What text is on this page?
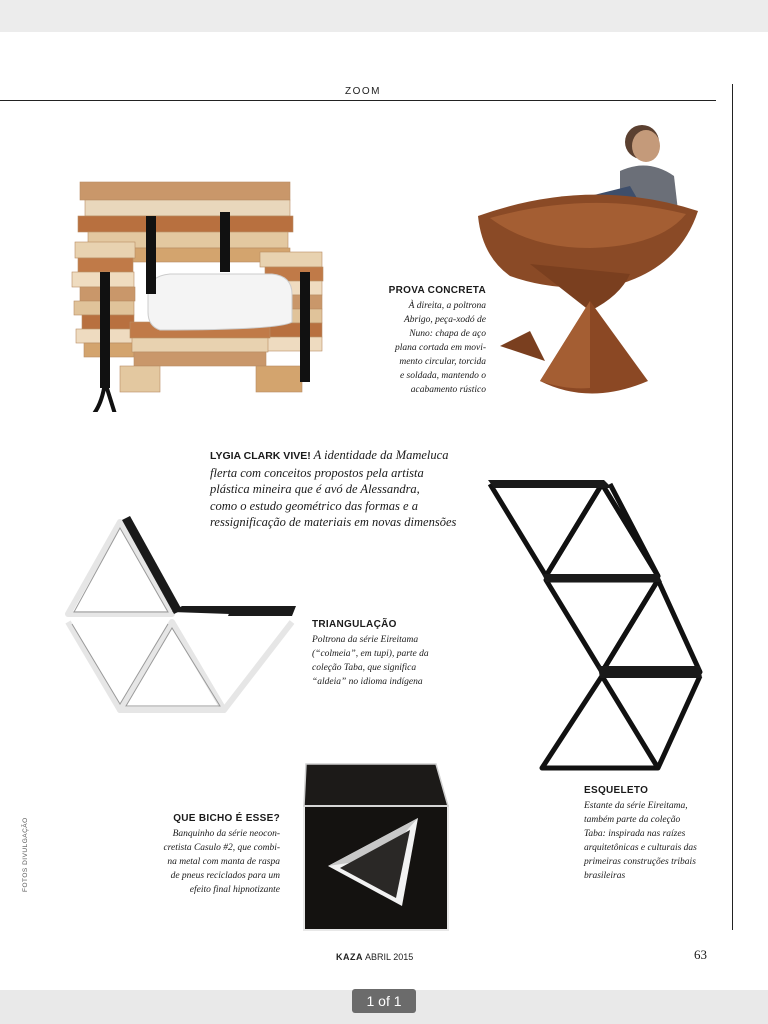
ZOOM
PROVA CONCRETA
À direita, a poltrona
Abrigo, peça-xodó de
Nuno: chapa de aço
plana cortada em movi-
mento circular, torcida
e soldada, mantendo o
acabamento rústico
LYGIA CLARK VIVE! A identidade da Mameluca
flerta com conceitos propostos pela artista
plástica mineira que é avó de Alessandra,
como o estudo geométrico das formas e a
ressignificação de materiais em novas dimensões
TRIANGULAÇÃO
Poltrona da série Eireitama
(“colmeia”, em tupi), parte da
coleção Taba, que significa
“aldeia” no idioma indígena
ESQUELETO
Estante da série Eireitama,
também parte da coleção
Taba: inspirada nas raízes
arquitetônicas e culturais das
primeiras construções tribais
brasileiras
QUE BICHO É ESSE?
Banquinho da série neocon-
cretista Casulo #2, que combi-
na metal com manta de raspa
de pneus reciclados para um
efeito final hipnotizante
FOTOS DIVULGAÇÃO
KAZA ABRIL 2015	63
1 of 1
